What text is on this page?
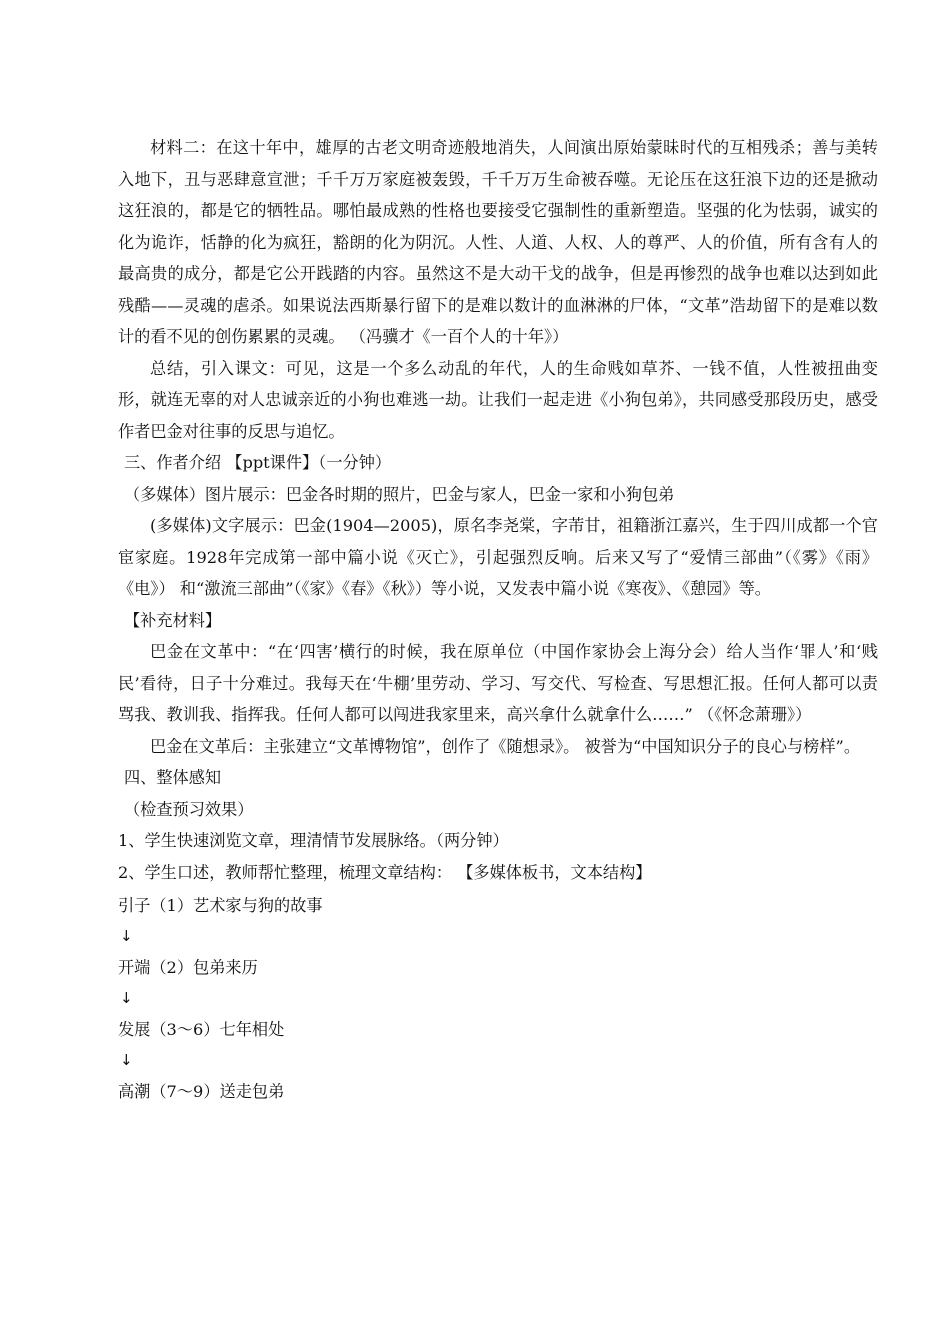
材料二：在这十年中，雄厚的古老文明奇迹般地消失，人间演出原始蒙昧时代的互相残杀；善与美转入地下，丑与恶肆意宣泄；千千万万家庭被轰毁，千千万万生命被吞噬。无论压在这狂浪下边的还是掀动这狂浪的，都是它的牺牲品。哪怕最成熟的性格也要接受它强制性的重新塑造。坚强的化为怯弱，诚实的化为诡诈，恬静的化为疯狂，豁朗的化为阴沉。人性、人道、人权、人的尊严、人的价值，所有含有人的最高贵的成分，都是它公开践踏的内容。虽然这不是大动干戈的战争，但是再惨烈的战争也难以达到如此残酷——灵魂的虐杀。如果说法西斯暴行留下的是难以数计的血淋淋的尸体，“文革”浩劫留下的是难以数计的看不见的创伤累累的灵魂。 （冯骥才《一百个人的十年》）

总结，引入课文：可见，这是一个多么动乱的年代，人的生命贱如草芥、一钱不值，人性被扭曲变形，就连无辜的对人忠诚亲近的小狗也难逃一劫。让我们一起走进《小狗包弟》，共同感受那段历史，感受作者巴金对往事的反思与追忆。

三、作者介绍 【ppt课件】（一分钟）

（多媒体）图片展示：巴金各时期的照片，巴金与家人，巴金一家和小狗包弟

(多媒体)文字展示：巴金(1904—2005)，原名李尧棠，字芾甘，祖籍浙江嘉兴，生于四川成都一个官宦家庭。1928年完成第一部中篇小说《灭亡》，引起强烈反响。后来又写了“爱情三部曲”（《雾》《雨》《电》） 和“激流三部曲”（《家》《春》《秋》）等小说，又发表中篇小说《寒夜》、《憩园》等。

【补充材料】

巴金在文革中：“在‘四害’横行的时候，我在原单位（中国作家协会上海分会）给人当作‘罪人’和‘贱民’看待，日子十分难过。我每天在‘牛棚’里劳动、学习、写交代、写检查、写思想汇报。任何人都可以责骂我、教训我、指挥我。任何人都可以闯进我家里来，高兴拿什么就拿什么……” （《怀念萧珊》）

巴金在文革后：主张建立“文革博物馆”，创作了《随想录》。 被誉为“中国知识分子的良心与榜样”。

四、整体感知

（检查预习效果）

1、学生快速浏览文章，理清情节发展脉络。（两分钟）

2、学生口述，教师帮忙整理，梳理文章结构： 【多媒体板书，文本结构】

引子（1）艺术家与狗的故事

↓

开端（2）包弟来历

↓

发展（3～6）七年相处

↓

高潮（7～9）送走包弟
